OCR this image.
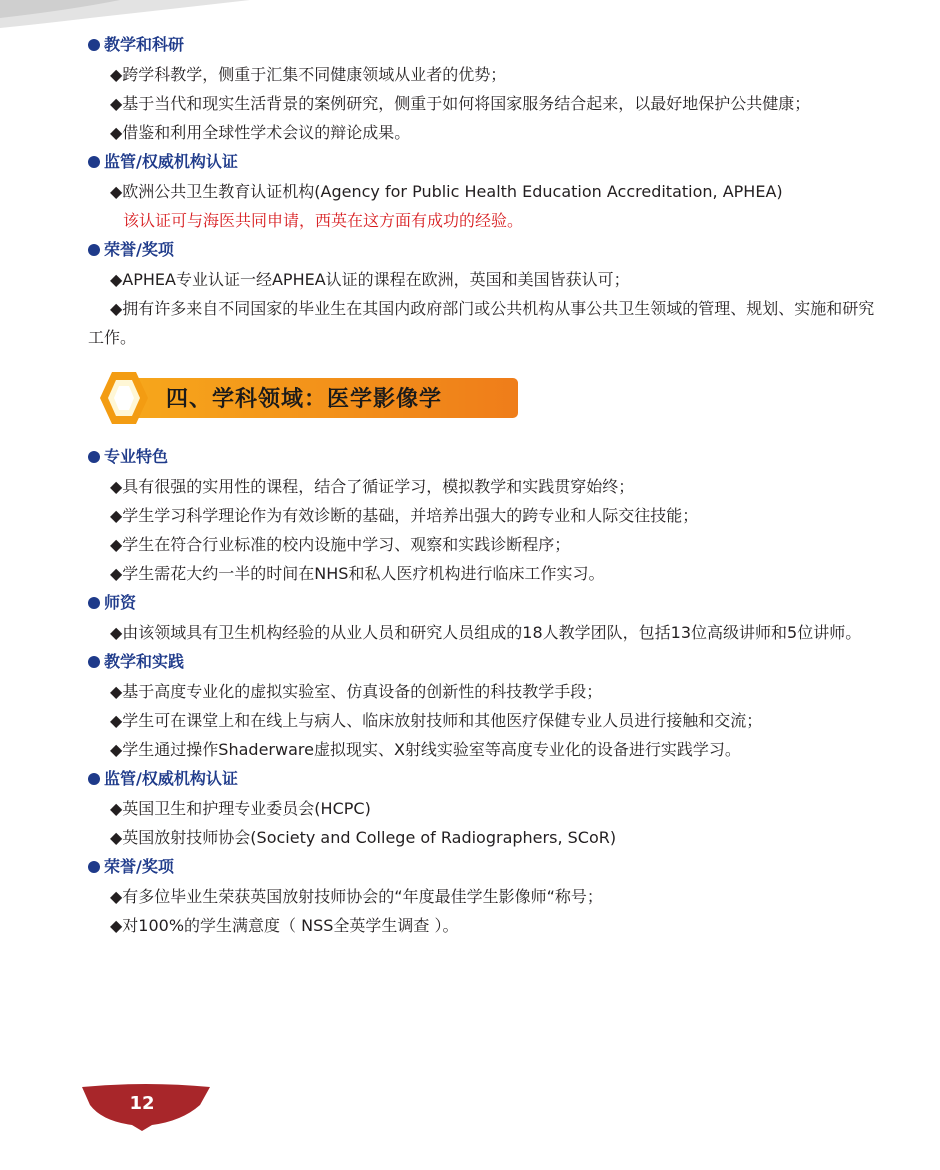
教学和科研

◆跨学科教学，侧重于汇集不同健康领域从业者的优势；

◆基于当代和现实生活背景的案例研究，侧重于如何将国家服务结合起来，以最好地保护公共健康；

◆借鉴和利用全球性学术会议的辩论成果。

监管/权威机构认证

◆欧洲公共卫生教育认证机构(Agency for Public Health Education Accreditation, APHEA)

该认证可与海医共同申请，西英在这方面有成功的经验。
荣誉/奖项

◆APHEA专业认证一经APHEA认证的课程在欧洲，英国和美国皆获认可；

◆拥有许多来自不同国家的毕业生在其国内政府部门或公共机构从事公共卫生领域的管理、规划、实施和研究工作。

四、学科领域：医学影像学
专业特色

◆具有很强的实用性的课程，结合了循证学习，模拟教学和实践贯穿始终；

◆学生学习科学理论作为有效诊断的基础，并培养出强大的跨专业和人际交往技能；

◆学生在符合行业标准的校内设施中学习、观察和实践诊断程序；

◆学生需花大约一半的时间在NHS和私人医疗机构进行临床工作实习。

师资

◆由该领域具有卫生机构经验的从业人员和研究人员组成的18人教学团队，包括13位高级讲师和5位讲师。

教学和实践

◆基于高度专业化的虚拟实验室、仿真设备的创新性的科技教学手段；

◆学生可在课堂上和在线上与病人、临床放射技师和其他医疗保健专业人员进行接触和交流；

◆学生通过操作Shaderware虚拟现实、X射线实验室等高度专业化的设备进行实践学习。

监管/权威机构认证

◆英国卫生和护理专业委员会(HCPC)

◆英国放射技师协会(Society and College of Radiographers, SCoR)

荣誉/奖项

◆有多位毕业生荣获英国放射技师协会的“年度最佳学生影像师“称号；

◆对100%的学生满意度（ NSS全英学生调查 ）。

12
